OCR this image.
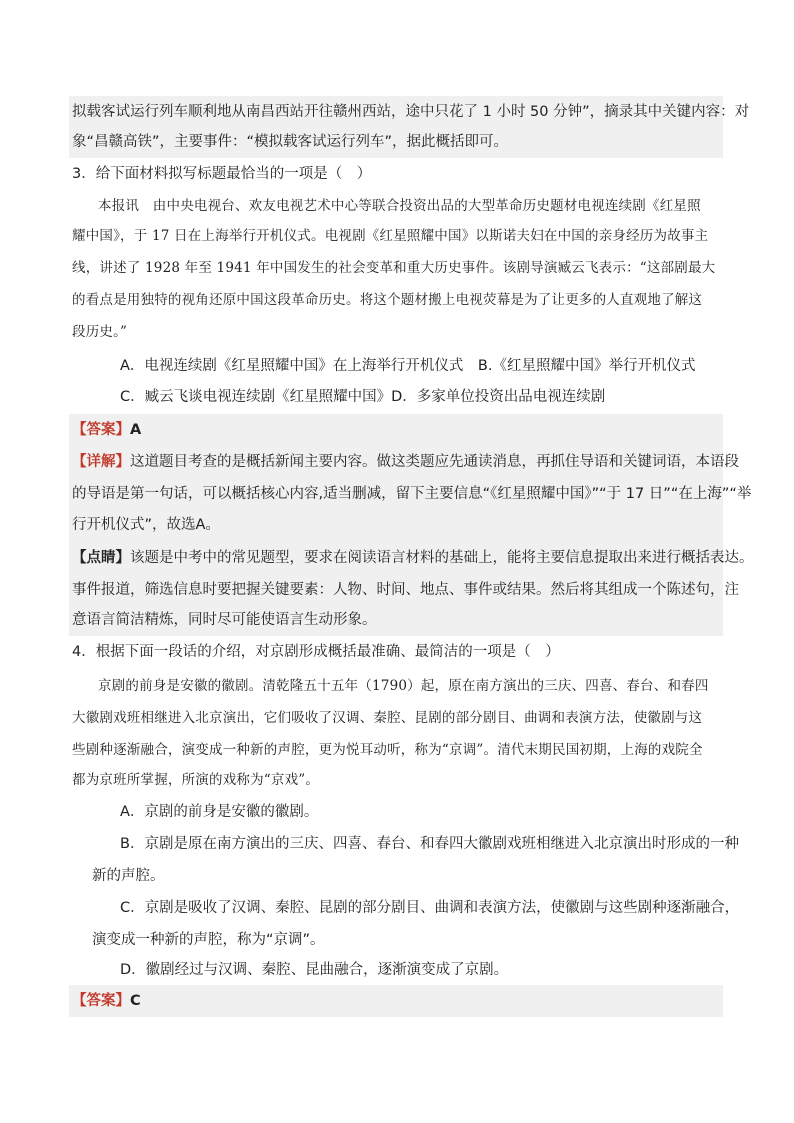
拟载客试运行列车顺利地从南昌西站开往赣州西站，途中只花了 1 小时 50 分钟”，摘录其中关键内容：对
象“昌赣高铁”，主要事件：“模拟载客试运行列车”，据此概括即可。
3．给下面材料拟写标题最恰当的一项是（　）
本报讯　由中央电视台、欢友电视艺术中心等联合投资出品的大型革命历史题材电视连续剧《红星照
耀中国》，于 17 日在上海举行开机仪式。电视剧《红星照耀中国》以斯诺夫妇在中国的亲身经历为故事主
线，讲述了 1928 年至 1941 年中国发生的社会变革和重大历史事件。该剧导演臧云飞表示：“这部剧最大
的看点是用独特的视角还原中国这段革命历史。将这个题材搬上电视荧幕是为了让更多的人直观地了解这
段历史。”
A．电视连续剧《红星照耀中国》在上海举行开机仪式　B.《红星照耀中国》举行开机仪式
C．臧云飞谈电视连续剧《红星照耀中国》D．多家单位投资出品电视连续剧
【答案】A
【详解】这道题目考查的是概括新闻主要内容。做这类题应先通读消息，再抓住导语和关键词语，本语段
的导语是第一句话，可以概括核心内容,适当删减，留下主要信息“《红星照耀中国》”“于 17 日”“在上海”“举
行开机仪式”，故选A。
【点睛】该题是中考中的常见题型，要求在阅读语言材料的基础上，能将主要信息提取出来进行概括表达。
事件报道，筛选信息时要把握关键要素：人物、时间、地点、事件或结果。然后将其组成一个陈述句，注
意语言简洁精炼，同时尽可能使语言生动形象。
4．根据下面一段话的介绍，对京剧形成概括最准确、最简洁的一项是（　）
京剧的前身是安徽的徽剧。清乾隆五十五年（1790）起，原在南方演出的三庆、四喜、春台、和春四
大徽剧戏班相继进入北京演出，它们吸收了汉调、秦腔、昆剧的部分剧目、曲调和表演方法，使徽剧与这
些剧种逐渐融合，演变成一种新的声腔，更为悦耳动听，称为“京调”。清代末期民国初期，上海的戏院全
都为京班所掌握，所演的戏称为“京戏”。
A．京剧的前身是安徽的徽剧。
B．京剧是原在南方演出的三庆、四喜、春台、和春四大徽剧戏班相继进入北京演出时形成的一种
新的声腔。
C．京剧是吸收了汉调、秦腔、昆剧的部分剧目、曲调和表演方法，使徽剧与这些剧种逐渐融合，
演变成一种新的声腔，称为“京调”。
D．徽剧经过与汉调、秦腔、昆曲融合，逐渐演变成了京剧。
【答案】C
